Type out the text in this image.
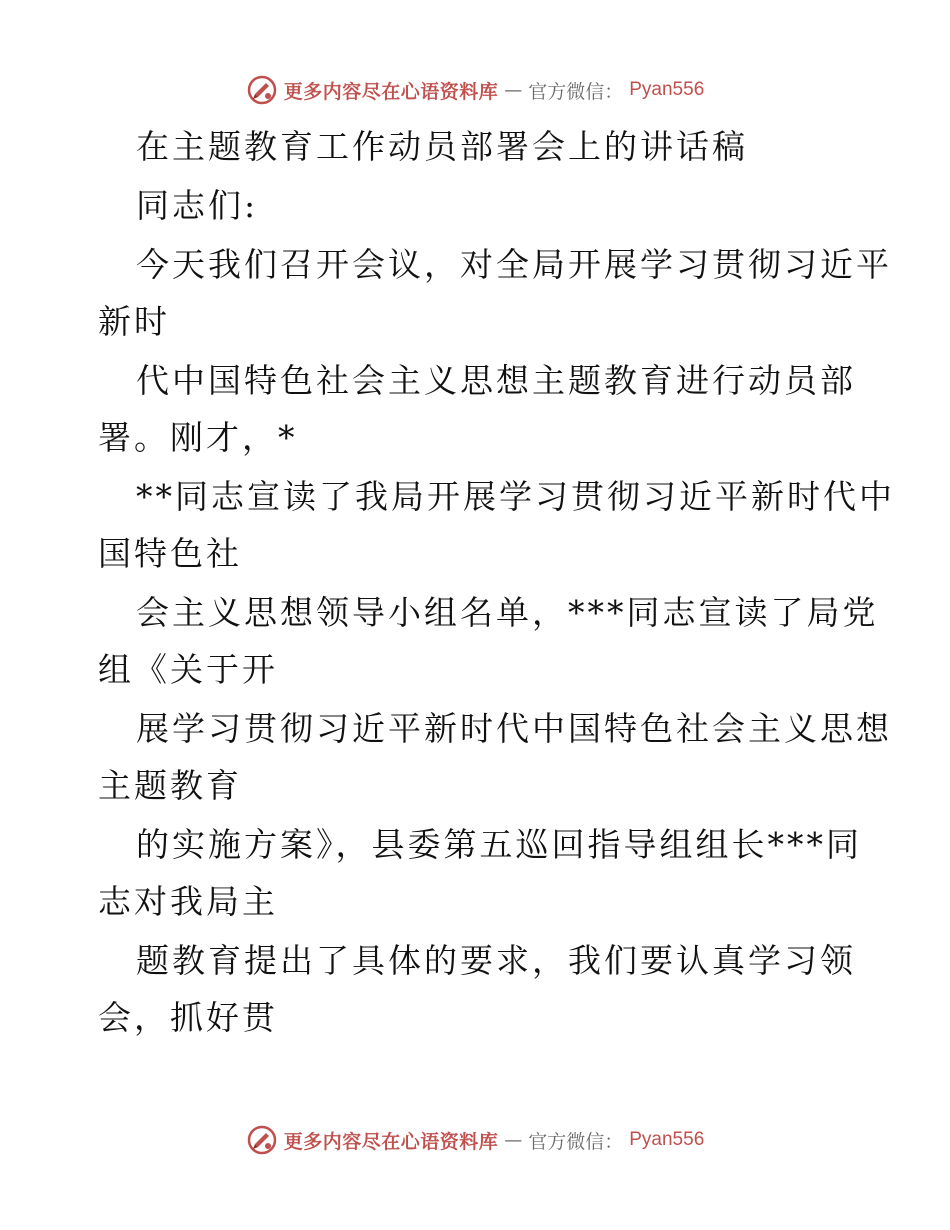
更多内容尽在心语资料库 — 官方微信： Pyan556
在主题教育工作动员部署会上的讲话稿
同志们:
今天我们召开会议，对全局开展学习贯彻习近平
新时
代中国特色社会主义思想主题教育进行动员部
署。刚才，*
**同志宣读了我局开展学习贯彻习近平新时代中
国特色社
会主义思想领导小组名单，***同志宣读了局党
组《关于开
展学习贯彻习近平新时代中国特色社会主义思想
主题教育
的实施方案》，县委第五巡回指导组组长***同
志对我局主
题教育提出了具体的要求，我们要认真学习领
会，抓好贯
更多内容尽在心语资料库 — 官方微信： Pyan556
